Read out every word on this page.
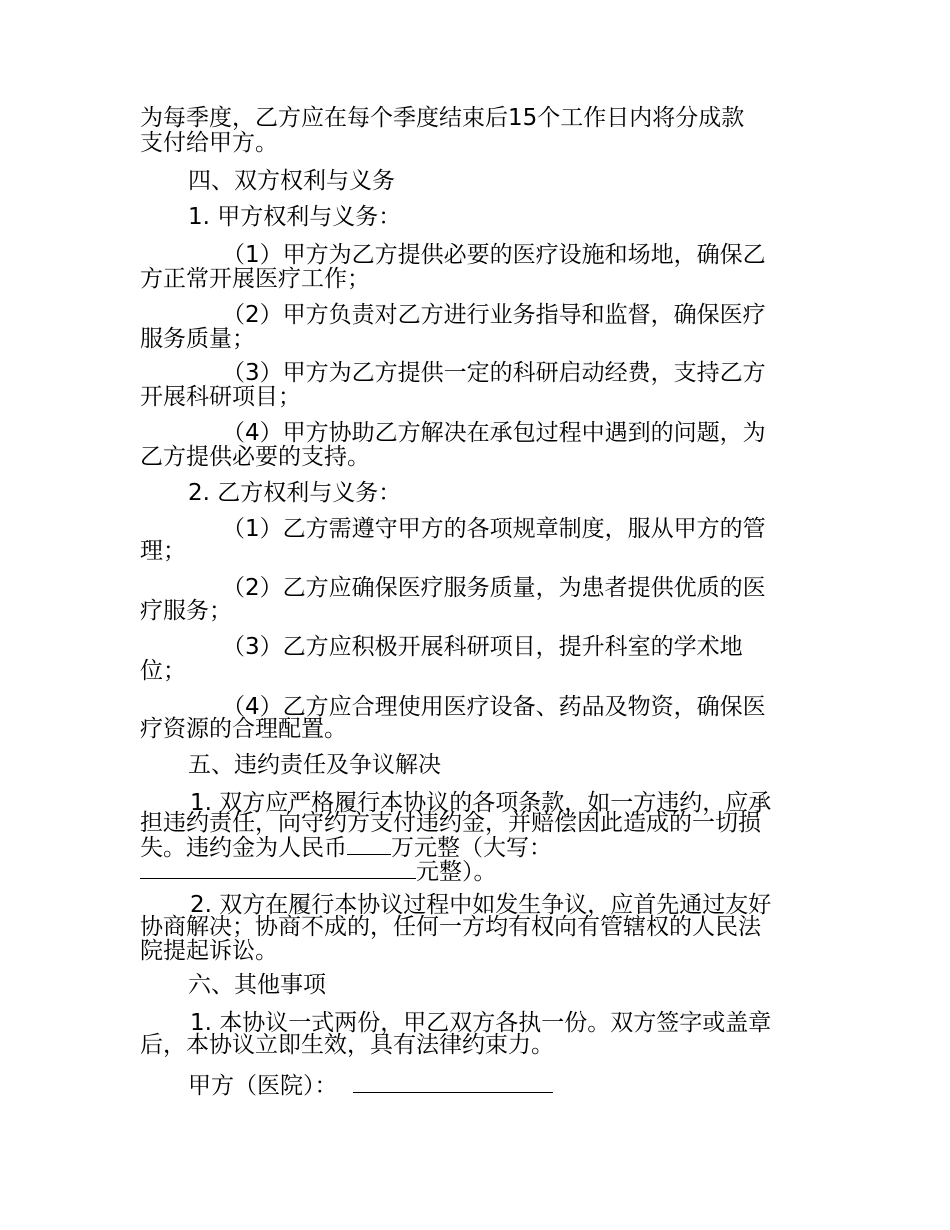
为每季度，乙方应在每个季度结束后15个工作日内将分成款
支付给甲方。
四、双方权利与义务
1. 甲方权利与义务：
（1）甲方为乙方提供必要的医疗设施和场地，确保乙
方正常开展医疗工作；
（2）甲方负责对乙方进行业务指导和监督，确保医疗
服务质量；
（3）甲方为乙方提供一定的科研启动经费，支持乙方
开展科研项目；
（4）甲方协助乙方解决在承包过程中遇到的问题，为
乙方提供必要的支持。
2. 乙方权利与义务：
（1）乙方需遵守甲方的各项规章制度，服从甲方的管
理；
（2）乙方应确保医疗服务质量，为患者提供优质的医
疗服务；
（3）乙方应积极开展科研项目，提升科室的学术地
位；
（4）乙方应合理使用医疗设备、药品及物资，确保医
疗资源的合理配置。
五、违约责任及争议解决
1. 双方应严格履行本协议的各项条款，如一方违约，应承
担违约责任，向守约方支付违约金，并赔偿因此造成的一切损
失。违约金为人民币 万元整（大写：
元整）。
2. 双方在履行本协议过程中如发生争议，应首先通过友好
协商解决；协商不成的，任何一方均有权向有管辖权的人民法
院提起诉讼。
六、其他事项
1. 本协议一式两份，甲乙双方各执一份。双方签字或盖章
后，本协议立即生效，具有法律约束力。
甲方（医院）：
